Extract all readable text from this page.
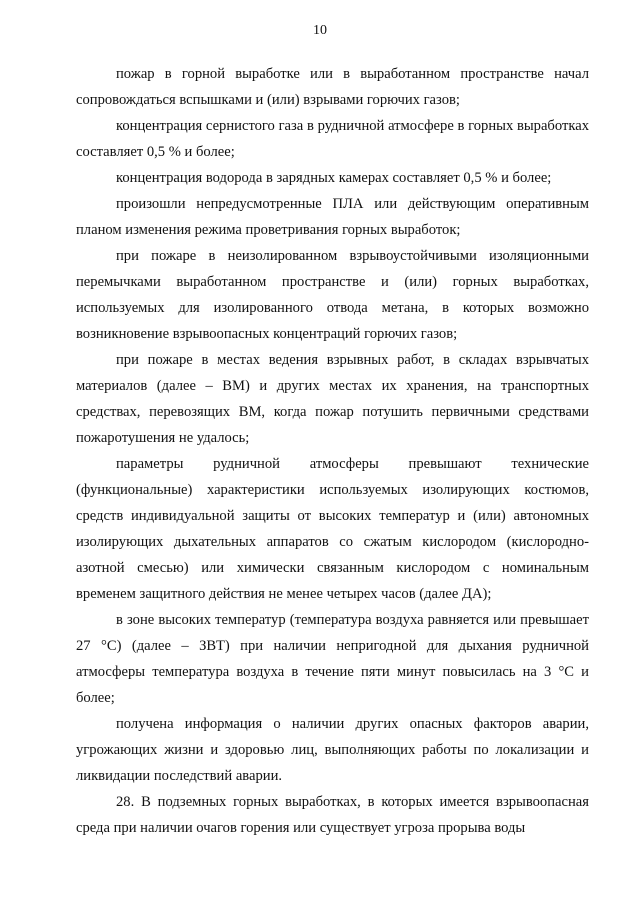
10

пожар в горной выработке или в выработанном пространстве начал сопровождаться вспышками и (или) взрывами горючих газов;

концентрация сернистого газа в рудничной атмосфере в горных выработках составляет 0,5 % и более;

концентрация водорода в зарядных камерах составляет 0,5 % и более;

произошли непредусмотренные ПЛА или действующим оперативным планом изменения режима проветривания горных выработок;

при пожаре в неизолированном взрывоустойчивыми изоляционными перемычками выработанном пространстве и (или) горных выработках, используемых для изолированного отвода метана, в которых возможно возникновение взрывоопасных концентраций горючих газов;

при пожаре в местах ведения взрывных работ, в складах взрывчатых материалов (далее – ВМ) и других местах их хранения, на транспортных средствах, перевозящих ВМ, когда пожар потушить первичными средствами пожаротушения не удалось;

параметры рудничной атмосферы превышают технические (функциональные) характеристики используемых изолирующих костюмов, средств индивидуальной защиты от высоких температур и (или) автономных изолирующих дыхательных аппаратов со сжатым кислородом (кислородно-азотной смесью) или химически связанным кислородом с номинальным временем защитного действия не менее четырех часов (далее ДА);

в зоне высоких температур (температура воздуха равняется или превышает 27 °С) (далее – ЗВТ) при наличии непригодной для дыхания рудничной атмосферы температура воздуха в течение пяти минут повысилась на 3 °С и более;

получена информация о наличии других опасных факторов аварии, угрожающих жизни и здоровью лиц, выполняющих работы по локализации и ликвидации последствий аварии.

28. В подземных горных выработках, в которых имеется взрывоопасная среда при наличии очагов горения или существует угроза прорыва воды
